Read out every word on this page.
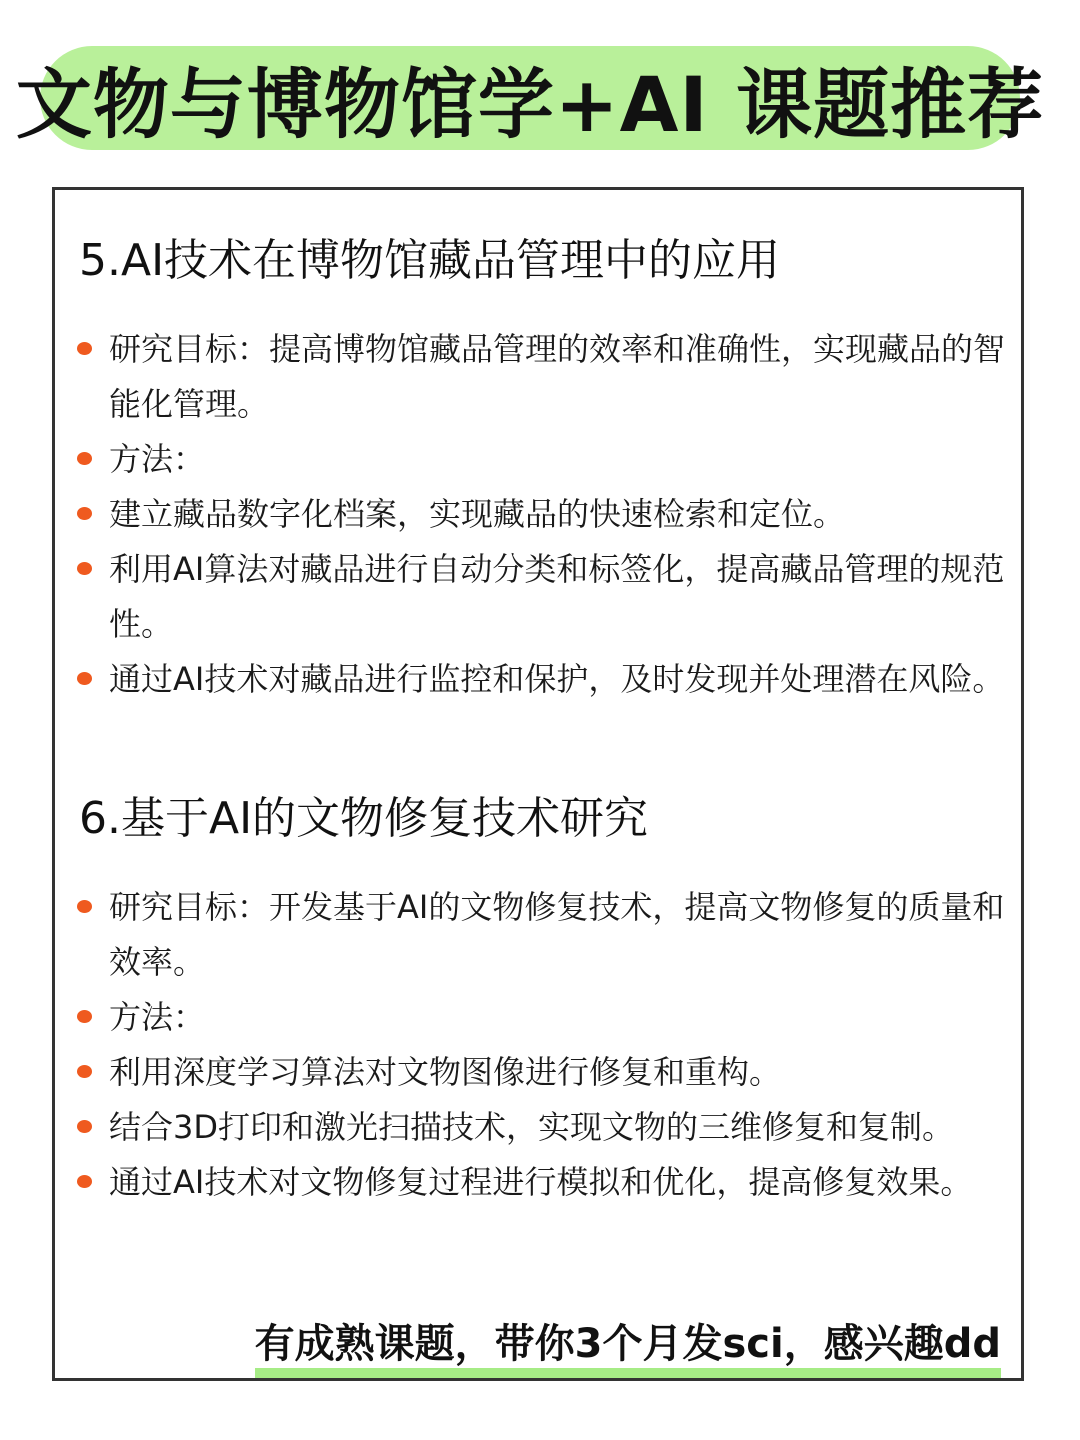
文物与博物馆学+AI 课题推荐
5.AI技术在博物馆藏品管理中的应用
研究目标：提高博物馆藏品管理的效率和准确性，实现藏品的智能化管理。
方法：
建立藏品数字化档案，实现藏品的快速检索和定位。
利用AI算法对藏品进行自动分类和标签化，提高藏品管理的规范性。
通过AI技术对藏品进行监控和保护，及时发现并处理潜在风险。
6.基于AI的文物修复技术研究
研究目标：开发基于AI的文物修复技术，提高文物修复的质量和效率。
方法：
利用深度学习算法对文物图像进行修复和重构。
结合3D打印和激光扫描技术，实现文物的三维修复和复制。
通过AI技术对文物修复过程进行模拟和优化，提高修复效果。

有成熟课题，带你3个月发sci，感兴趣dd
